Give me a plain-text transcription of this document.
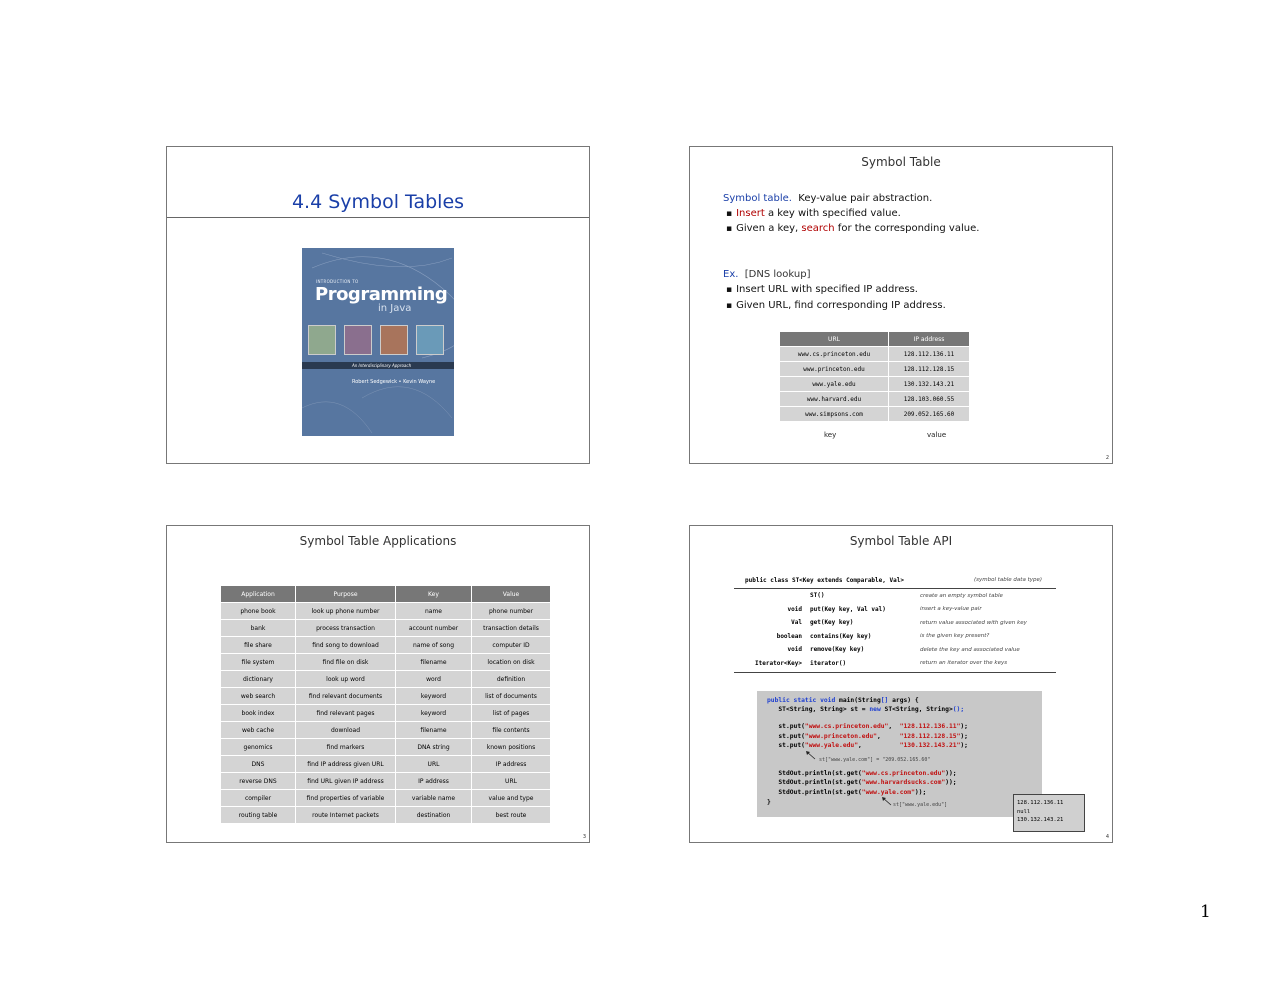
4.4 Symbol Tables
INTRODUCTION TO
Programming
in Java
An Interdisciplinary Approach
Robert Sedgewick • Kevin Wayne
Symbol Table
Symbol table. Key-value pair abstraction.
▪ Insert a key with specified value.
▪ Given a key, search for the corresponding value.
Ex. [DNS lookup]
▪ Insert URL with specified IP address.
▪ Given URL, find corresponding IP address.
URL	IP address
www.cs.princeton.edu	128.112.136.11
www.princeton.edu	128.112.128.15
www.yale.edu	130.132.143.21
www.harvard.edu	128.103.060.55
www.simpsons.com	209.052.165.60
key	value
2
Symbol Table Applications
Application	Purpose	Key	Value
phone book	look up phone number	name	phone number
bank	process transaction	account number	transaction details
file share	find song to download	name of song	computer ID
file system	find file on disk	filename	location on disk
dictionary	look up word	word	definition
web search	find relevant documents	keyword	list of documents
book index	find relevant pages	keyword	list of pages
web cache	download	filename	file contents
genomics	find markers	DNA string	known positions
DNS	find IP address given URL	URL	IP address
reverse DNS	find URL given IP address	IP address	URL
compiler	find properties of variable	variable name	value and type
routing table	route Internet packets	destination	best route
3
Symbol Table API
public class ST<Key extends Comparable, Val>	(symbol table data type)
ST()	create an empty symbol table
void put(Key key, Val val)	insert a key-value pair
Val get(Key key)	return value associated with given key
boolean contains(Key key)	is the given key present?
void remove(Key key)	delete the key and associated value
Iterator<Key> iterator()	return an iterator over the keys
public static void main(String[] args) {
ST<String, String> st = new ST<String, String>();
st.put("www.cs.princeton.edu",  "128.112.136.11");
st.put("www.princeton.edu",     "128.112.128.15");
st.put("www.yale.edu",          "130.132.143.21");
st["www.yale.com"] = "209.052.165.60"
StdOut.println(st.get("www.cs.princeton.edu"));
StdOut.println(st.get("www.harvardsucks.com"));
StdOut.println(st.get("www.yale.com"));
}	st["www.yale.edu"]	128.112.136.11
null
130.132.143.21
4
1
